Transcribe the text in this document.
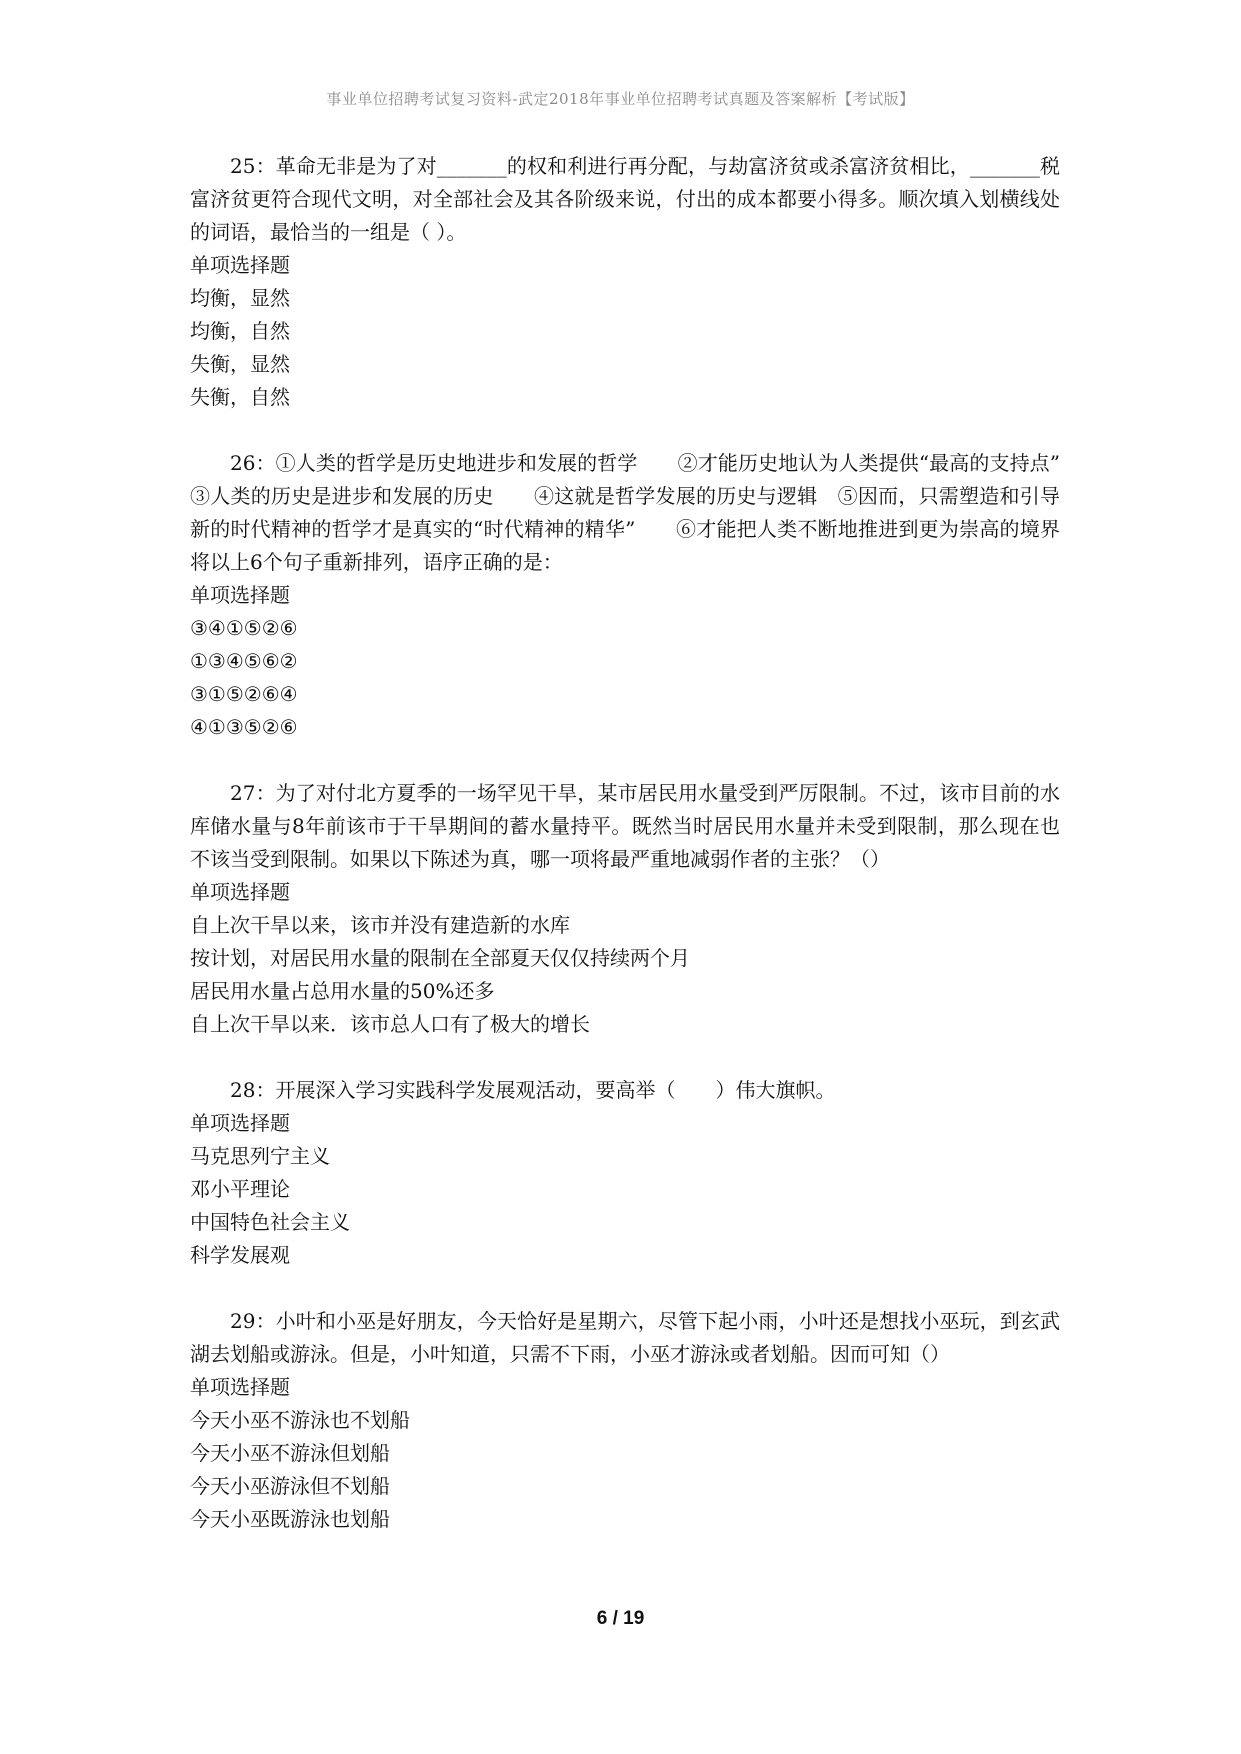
事业单位招聘考试复习资料-武定2018年事业单位招聘考试真题及答案解析【考试版】
25：革命无非是为了对_______的权和利进行再分配，与劫富济贫或杀富济贫相比，_______税富济贫更符合现代文明，对全部社会及其各阶级来说，付出的成本都要小得多。顺次填入划横线处的词语，最恰当的一组是（ ）。
单项选择题
均衡，显然
均衡，自然
失衡，显然
失衡，自然
26：①人类的哲学是历史地进步和发展的哲学　　②才能历史地认为人类提供“最高的支持点”　　③人类的历史是进步和发展的历史　　④这就是哲学发展的历史与逻辑　⑤因而，只需塑造和引导新的时代精神的哲学才是真实的“时代精神的精华”　　⑥才能把人类不断地推进到更为崇高的境界　　将以上6个句子重新排列，语序正确的是：
单项选择题
③④①⑤②⑥
①③④⑤⑥②
③①⑤②⑥④
④①③⑤②⑥
27：为了对付北方夏季的一场罕见干旱，某市居民用水量受到严厉限制。不过，该市目前的水库储水量与8年前该市于干旱期间的蓄水量持平。既然当时居民用水量并未受到限制，那么现在也不该当受到限制。如果以下陈述为真，哪一项将最严重地减弱作者的主张？（）
单项选择题
自上次干旱以来，该市并没有建造新的水库
按计划，对居民用水量的限制在全部夏天仅仅持续两个月
居民用水量占总用水量的50%还多
自上次干旱以来．该市总人口有了极大的增长
28：开展深入学习实践科学发展观活动，要高举（　　）伟大旗帜。
单项选择题
马克思列宁主义
邓小平理论
中国特色社会主义
科学发展观
29：小叶和小巫是好朋友，今天恰好是星期六，尽管下起小雨，小叶还是想找小巫玩，到玄武湖去划船或游泳。但是，小叶知道，只需不下雨，小巫才游泳或者划船。因而可知（）
单项选择题
今天小巫不游泳也不划船
今天小巫不游泳但划船
今天小巫游泳但不划船
今天小巫既游泳也划船
6 / 19
